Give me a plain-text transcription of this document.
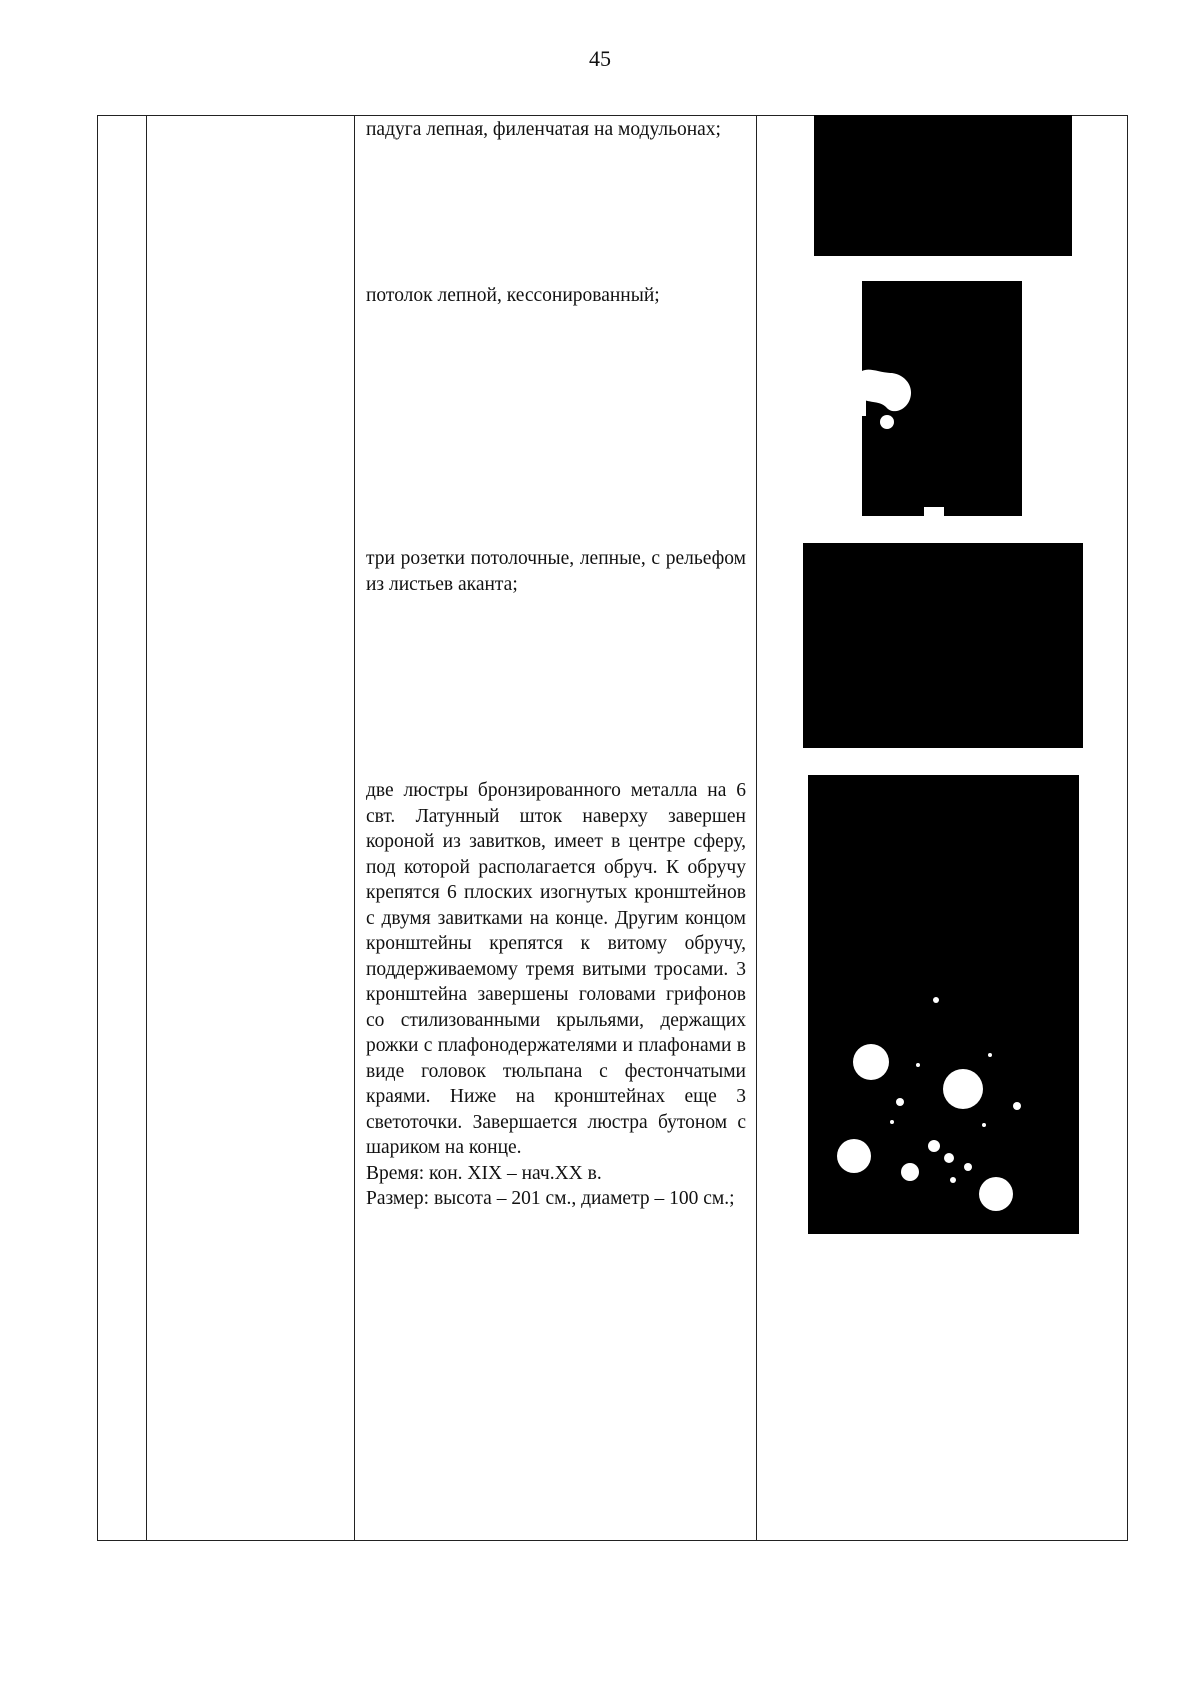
45
падуга лепная, филенчатая на модульонах;
потолок лепной, кессонированный;
три розетки потолочные, лепные, с рельефом из листьев аканта;
две люстры бронзированного металла на 6 свт. Латунный шток наверху завершен короной из завитков, имеет в центре сферу, под которой располагается обруч. К обручу крепятся 6 плоских изогнутых кронштейнов с двумя завитками на конце. Другим концом кронштейны крепятся к витому обручу, поддерживаемому тремя витыми тросами. 3 кронштейна завершены головами грифонов со стилизованными крыльями, держащих рожки с плафонодержателями и плафонами в виде головок тюльпана с фестончатыми краями. Ниже на кронштейнах еще 3 светоточки. Завершается люстра бутоном с шариком на конце.
Время: кон. XIX – нач.XX в.
Размер: высота – 201 см., диаметр – 100 см.;
